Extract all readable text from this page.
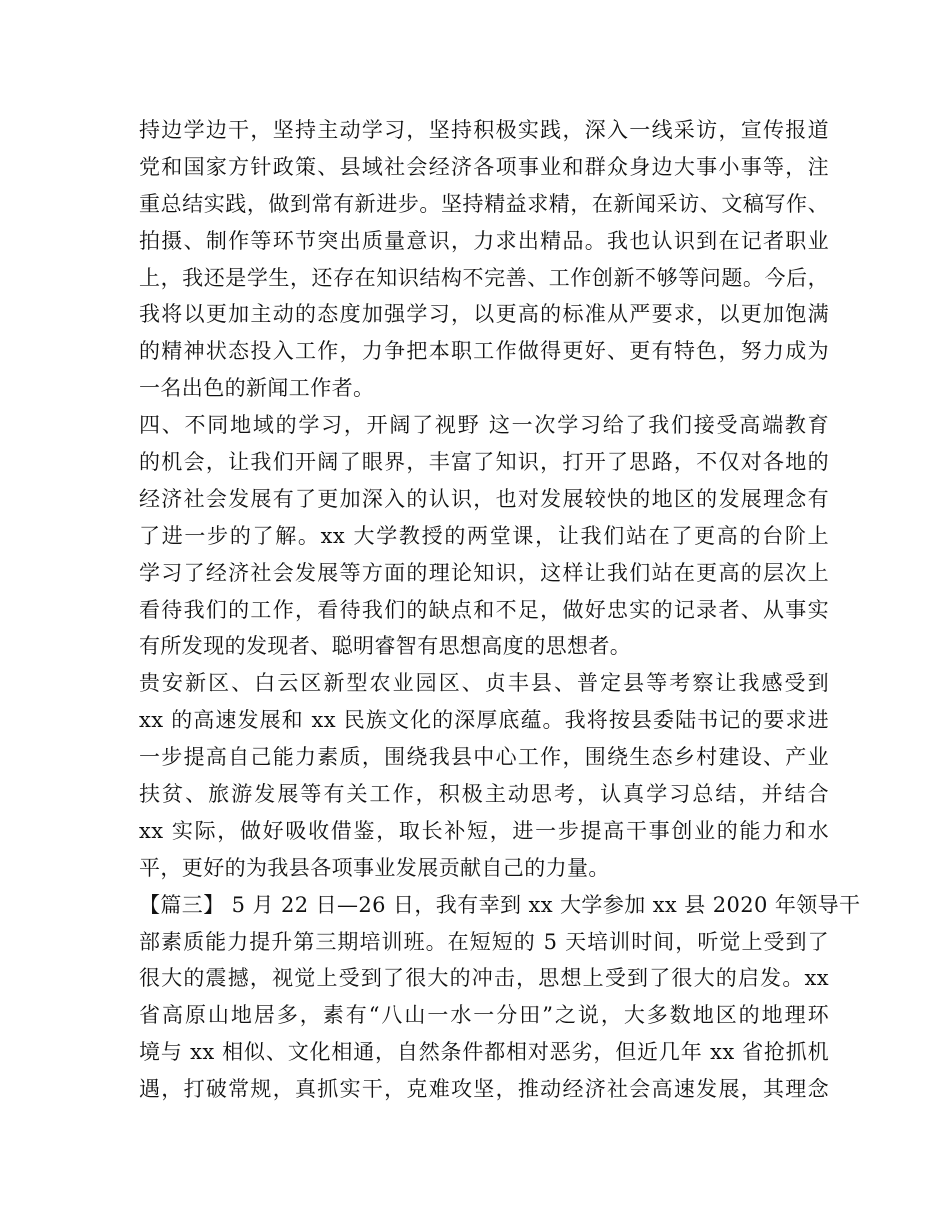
持边学边干，坚持主动学习，坚持积极实践，深入一线采访，宣传报道
党和国家方针政策、县域社会经济各项事业和群众身边大事小事等，注
重总结实践，做到常有新进步。坚持精益求精，在新闻采访、文稿写作、
拍摄、制作等环节突出质量意识，力求出精品。我也认识到在记者职业
上，我还是学生，还存在知识结构不完善、工作创新不够等问题。今后，
我将以更加主动的态度加强学习，以更高的标准从严要求，以更加饱满
的精神状态投入工作，力争把本职工作做得更好、更有特色，努力成为
一名出色的新闻工作者。
四、不同地域的学习，开阔了视野 这一次学习给了我们接受高端教育
的机会，让我们开阔了眼界，丰富了知识，打开了思路，不仅对各地的
经济社会发展有了更加深入的认识，也对发展较快的地区的发展理念有
了进一步的了解。xx 大学教授的两堂课，让我们站在了更高的台阶上
学习了经济社会发展等方面的理论知识，这样让我们站在更高的层次上
看待我们的工作，看待我们的缺点和不足，做好忠实的记录者、从事实
有所发现的发现者、聪明睿智有思想高度的思想者。
贵安新区、白云区新型农业园区、贞丰县、普定县等考察让我感受到
xx 的高速发展和 xx 民族文化的深厚底蕴。我将按县委陆书记的要求进
一步提高自己能力素质，围绕我县中心工作，围绕生态乡村建设、产业
扶贫、旅游发展等有关工作，积极主动思考，认真学习总结，并结合
xx 实际，做好吸收借鉴，取长补短，进一步提高干事创业的能力和水
平，更好的为我县各项事业发展贡献自己的力量。
【篇三】 5 月 22 日—26 日，我有幸到 xx 大学参加 xx 县 2020 年领导干
部素质能力提升第三期培训班。在短短的 5 天培训时间，听觉上受到了
很大的震撼，视觉上受到了很大的冲击，思想上受到了很大的启发。xx
省高原山地居多，素有“八山一水一分田”之说，大多数地区的地理环
境与 xx 相似、文化相通，自然条件都相对恶劣，但近几年 xx 省抢抓机
遇，打破常规，真抓实干，克难攻坚，推动经济社会高速发展，其理念
